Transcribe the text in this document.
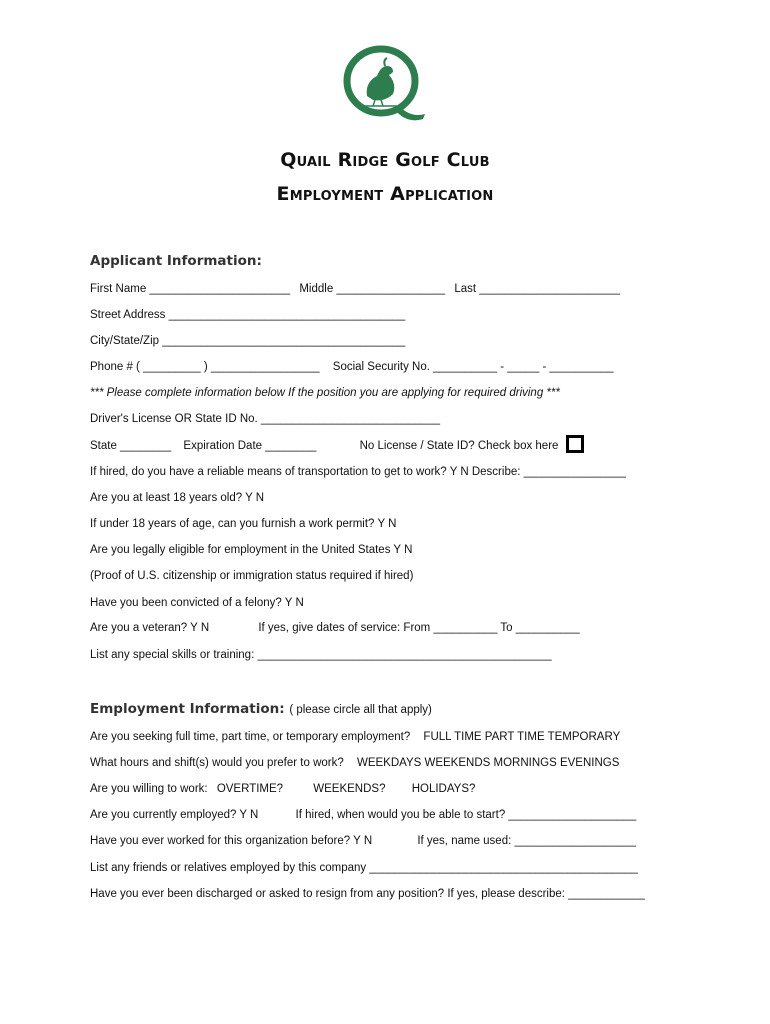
Quail Ridge Golf Club
Employment Application
Applicant Information:
First Name ______________________ Middle _________________ Last ______________________
Street Address _____________________________________
City/State/Zip ______________________________________
Phone # ( _________ ) _________________ Social Security No. __________ - _____ - __________
*** Please complete information below If the position you are applying for required driving ***
Driver's License OR State ID No. ____________________________
State ________ Expiration Date ________	No License / State ID? Check box here
If hired, do you have a reliable means of transportation to get to work? Y N Describe: ________________
Are you at least 18 years old? Y N
If under 18 years of age, can you furnish a work permit? Y N
Are you legally eligible for employment in the United States Y N
(Proof of U.S. citizenship or immigration status required if hired)
Have you been convicted of a felony? Y N
Are you a veteran? Y N	If yes, give dates of service: From __________ To __________
List any special skills or training: ______________________________________________
Employment Information: ( please circle all that apply)
Are you seeking full time, part time, or temporary employment? FULL TIME PART TIME TEMPORARY
What hours and shift(s) would you prefer to work? WEEKDAYS WEEKENDS MORNINGS EVENINGS
Are you willing to work: OVERTIME?	WEEKENDS? HOLIDAYS?
Are you currently employed? Y N	If hired, when would you be able to start? ____________________
Have you ever worked for this organization before? Y N	If yes, name used: ___________________
List any friends or relatives employed by this company __________________________________________
Have you ever been discharged or asked to resign from any position? If yes, please describe: ____________
